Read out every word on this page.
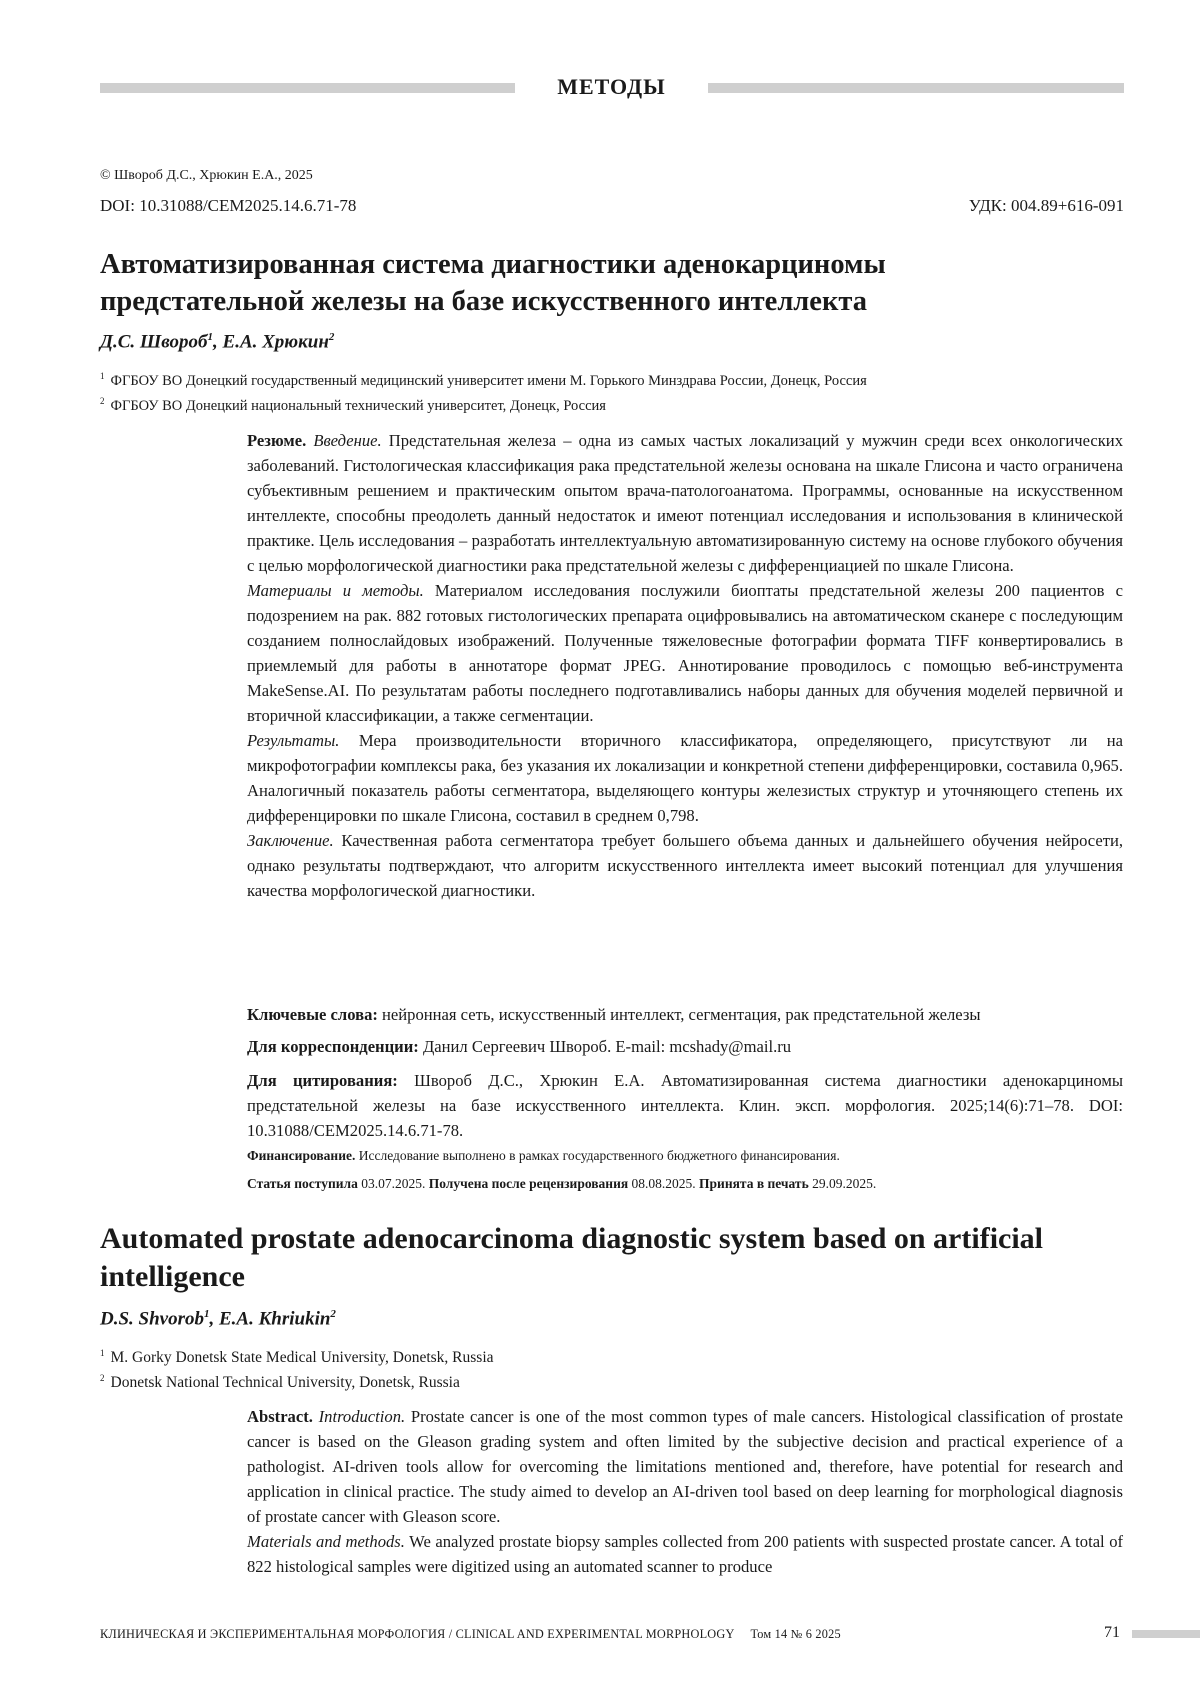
МЕТОДЫ
© Швороб Д.С., Хрюкин Е.А., 2025
DOI: 10.31088/CEM2025.14.6.71-78	УДК: 004.89+616-091
Автоматизированная система диагностики аденокарциномы
предстательной железы на базе искусственного интеллекта
Д.С. Швороб$^1$, Е.А. Хрюкин$^2$
$^1$ ФГБОУ ВО Донецкий государственный медицинский университет имени М. Горького Минздрава России, Донецк, Россия
$^2$ ФГБОУ ВО Донецкий национальный технический университет, Донецк, Россия

Резюме. Введение. Предстательная железа – одна из самых частых локализаций у мужчин среди всех онкологических заболеваний. Гистологическая классификация рака предстательной железы основана на шкале Глисона и часто ограничена субъективным решением и практическим опытом врача-патологоанатома. Программы, основанные на искусственном интеллекте, способны преодолеть данный недостаток и имеют потенциал исследования и использования в клинической практике. Цель исследования – разработать интеллектуальную автоматизированную систему на основе глубокого обучения с целью морфологической диагностики рака предстательной железы с дифференциацией по шкале Глисона.

Материалы и методы. Материалом исследования послужили биоптаты предстательной железы 200 пациентов с подозрением на рак. 882 готовых гистологических препарата оцифровывались на автоматическом сканере с последующим созданием полнослайдовых изображений. Полученные тяжеловесные фотографии формата TIFF конвертировались в приемлемый для работы в аннотаторе формат JPEG. Аннотирование проводилось с помощью веб-инструмента MakeSense.AI. По результатам работы последнего подготавливались наборы данных для обучения моделей первичной и вторичной классификации, а также сегментации.

Результаты. Мера производительности вторичного классификатора, определяющего, присутствуют ли на микрофотографии комплексы рака, без указания их локализации и конкретной степени дифференцировки, составила 0,965. Аналогичный показатель работы сегментатора, выделяющего контуры железистых структур и уточняющего степень их дифференцировки по шкале Глисона, составил в среднем 0,798.

Заключение. Качественная работа сегментатора требует большего объема данных и дальнейшего обучения нейросети, однако результаты подтверждают, что алгоритм искусственного интеллекта имеет высокий потенциал для улучшения качества морфологической диагностики.

Ключевые слова: нейронная сеть, искусственный интеллект, сегментация, рак предстательной железы
Для корреспонденции: Данил Сергеевич Швороб. E-mail: mcshady@mail.ru
Для цитирования: Швороб Д.С., Хрюкин Е.А. Автоматизированная система диагностики аденокарциномы предстательной железы на базе искусственного интеллекта. Клин. эксп. морфология. 2025;14(6):71–78. DOI: 10.31088/CEM2025.14.6.71-78.
Финансирование. Исследование выполнено в рамках государственного бюджетного финансирования.
Статья поступила 03.07.2025. Получена после рецензирования 08.08.2025. Принята в печать 29.09.2025.
Automated prostate adenocarcinoma diagnostic system based on artificial
intelligence
D.S. Shvorob$^1$, E.A. Khriukin$^2$
$^1$ M. Gorky Donetsk State Medical University, Donetsk, Russia
$^2$ Donetsk National Technical University, Donetsk, Russia

Abstract. Introduction. Prostate cancer is one of the most common types of male cancers. Histological classification of prostate cancer is based on the Gleason grading system and often limited by the subjective decision and practical experience of a pathologist. AI-driven tools allow for overcoming the limitations mentioned and, therefore, have potential for research and application in clinical practice. The study aimed to develop an AI-driven tool based on deep learning for morphological diagnosis of prostate cancer with Gleason score.

Materials and methods. We analyzed prostate biopsy samples collected from 200 patients with suspected prostate cancer. A total of 822 histological samples were digitized using an automated scanner to produce

КЛИНИЧЕСКАЯ И ЭКСПЕРИМЕНТАЛЬНАЯ МОРФОЛОГИЯ / CLINICAL AND EXPERIMENTAL MORPHOLOGY Том 14 № 6 2025	71
